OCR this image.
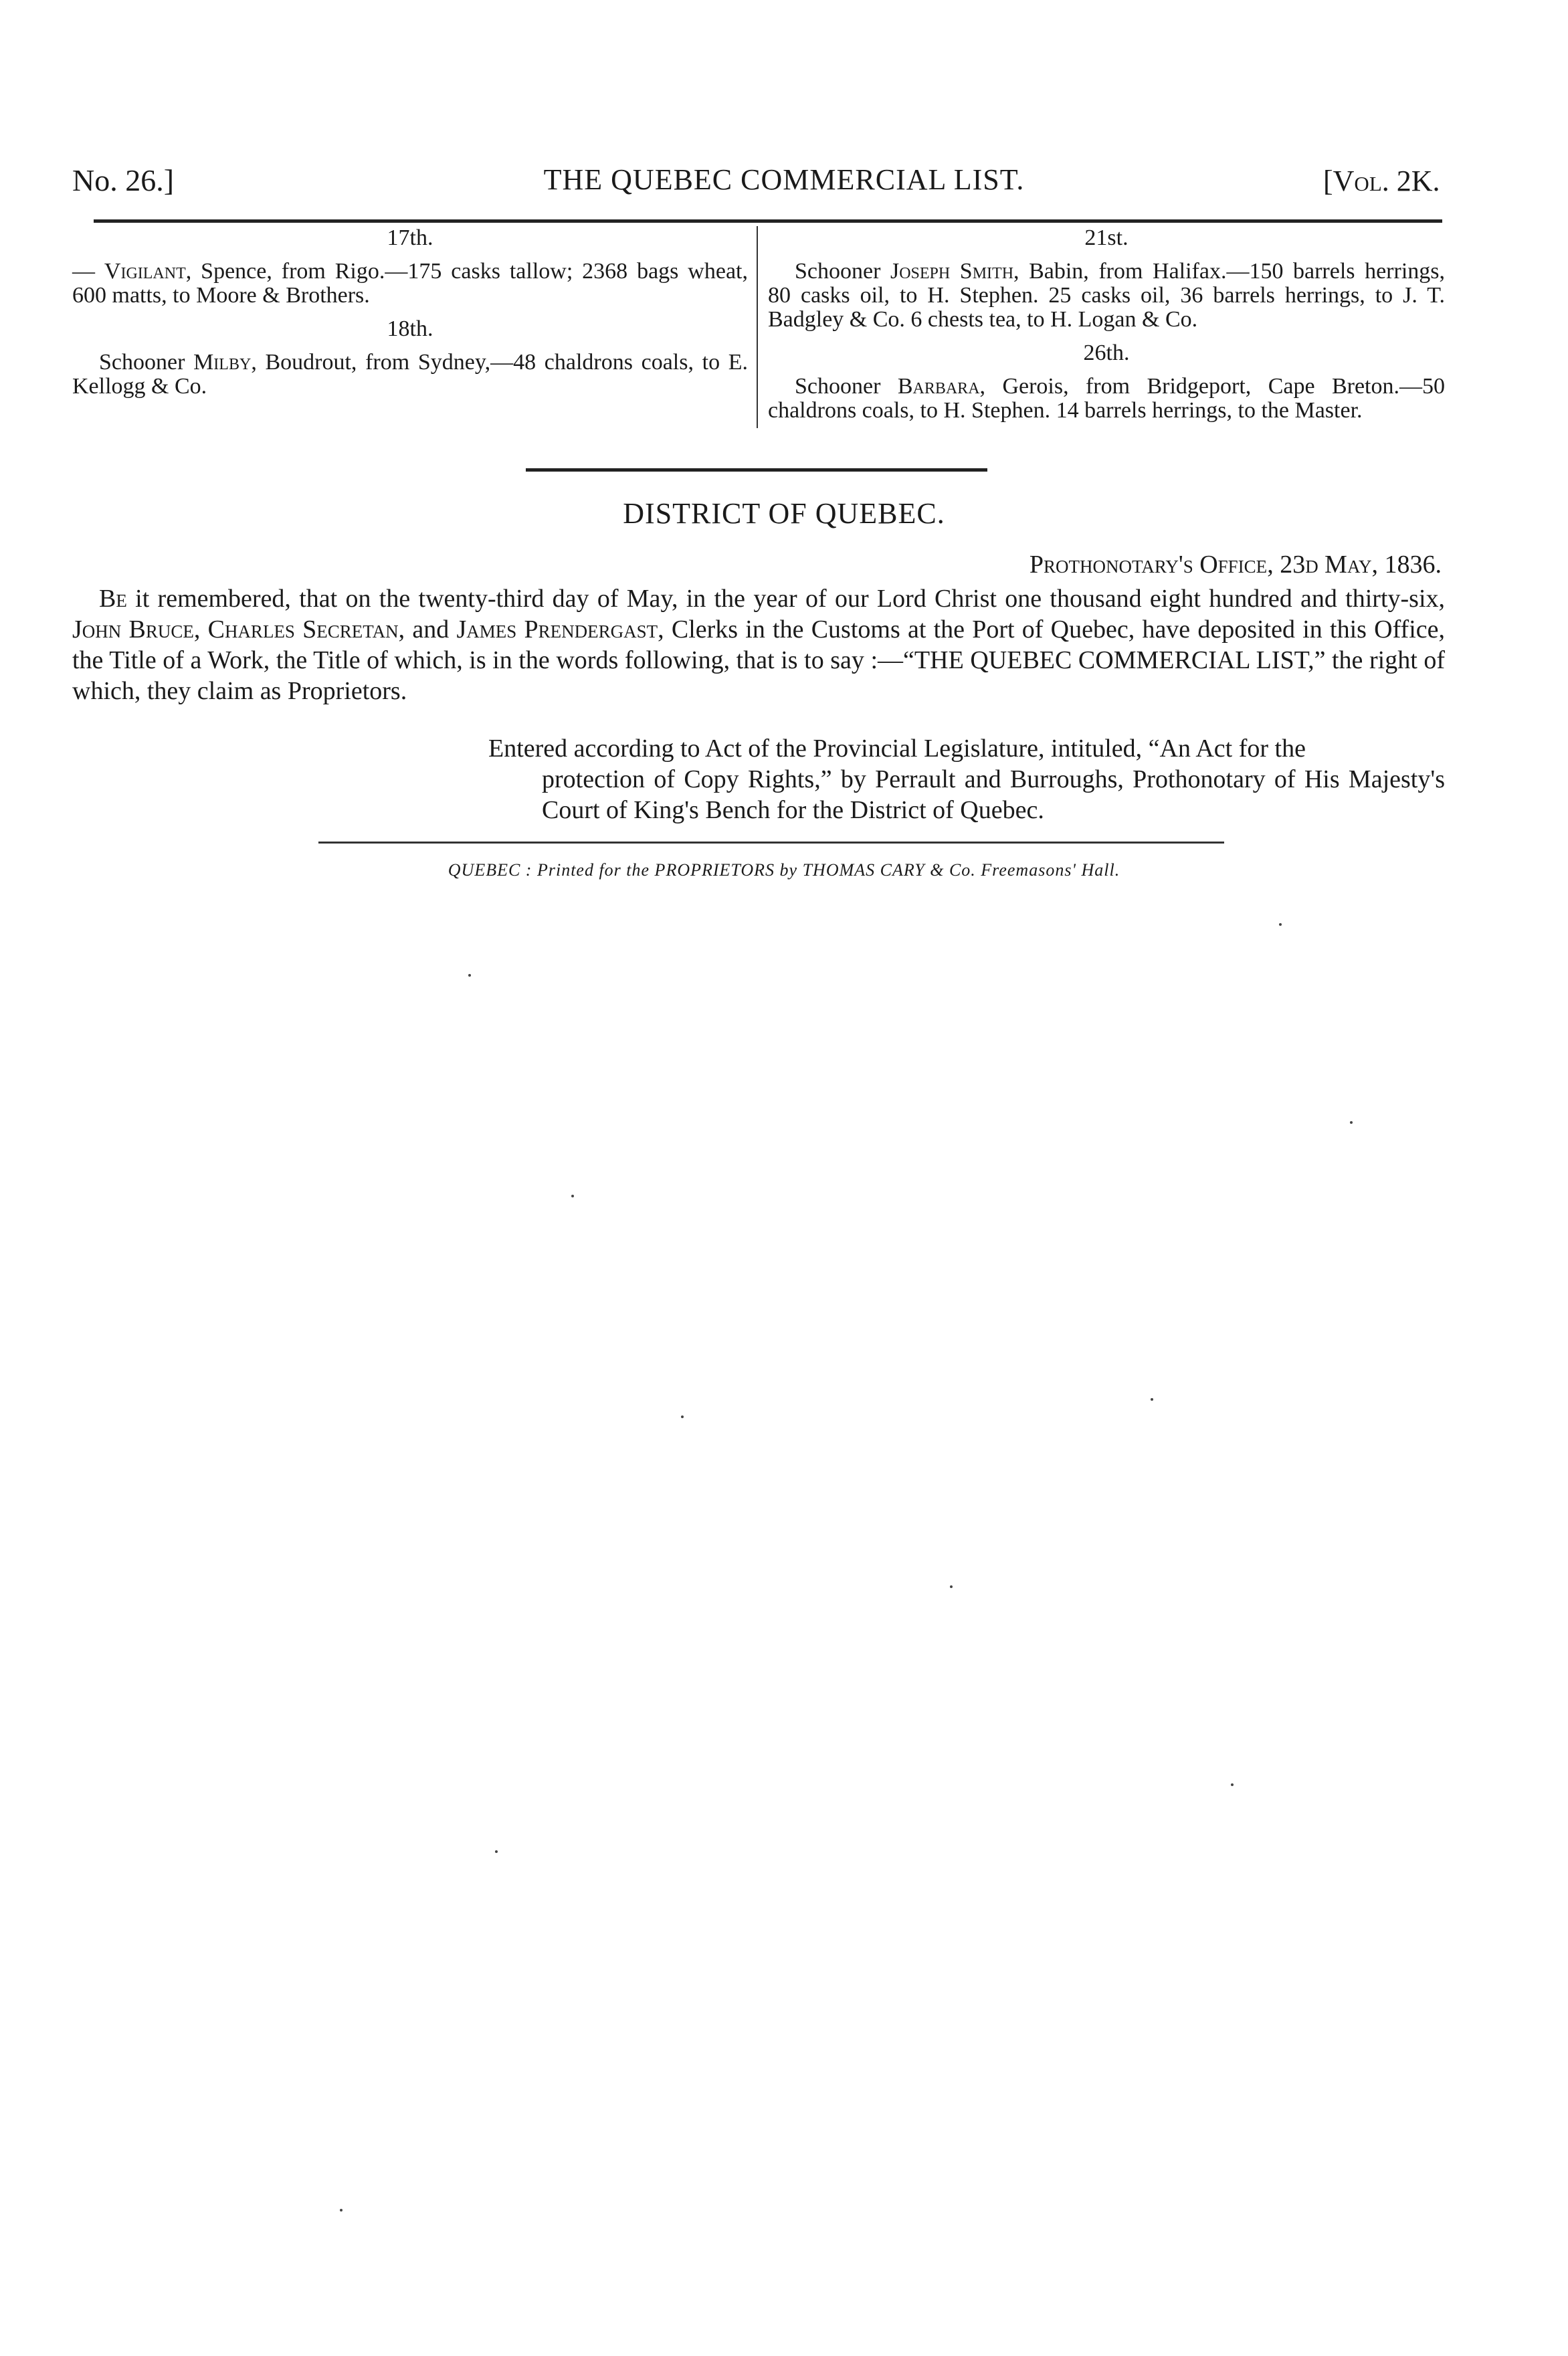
No. 26.]	THE QUEBEC COMMERCIAL LIST.	[Vol. 2K.
17th.
— Vigilant, Spence, from Rigo.—175 casks tallow; 2368 bags wheat, 600 matts, to Moore & Brothers.
18th.
Schooner Milby, Boudrout, from Sydney,—48 chaldrons coals, to E. Kellogg & Co.
21st.
Schooner Joseph Smith, Babin, from Halifax.—150 barrels herrings, 80 casks oil, to H. Stephen. 25 casks oil, 36 barrels herrings, to J. T. Badgley & Co. 6 chests tea, to H. Logan & Co.
26th.
Schooner Barbara, Gerois, from Bridgeport, Cape Breton.—50 chaldrons coals, to H. Stephen. 14 barrels herrings, to the Master.
DISTRICT OF QUEBEC.
Prothonotary's Office, 23d May, 1836.
Be it remembered, that on the twenty-third day of May, in the year of our Lord Christ one thousand eight hundred and thirty-six, John Bruce, Charles Secretan, and James Prendergast, Clerks in the Customs at the Port of Quebec, have deposited in this Office, the Title of a Work, the Title of which, is in the words following, that is to say :—“THE QUEBEC COMMERCIAL LIST,” the right of which, they claim as Proprietors.
Entered according to Act of the Provincial Legislature, intituled, “An Act for the
protection of Copy Rights,” by Perrault and Burroughs, Prothonotary of His Majesty's Court of King's Bench for the District of Quebec.
QUEBEC : Printed for the PROPRIETORS by THOMAS CARY & Co. Freemasons' Hall.
